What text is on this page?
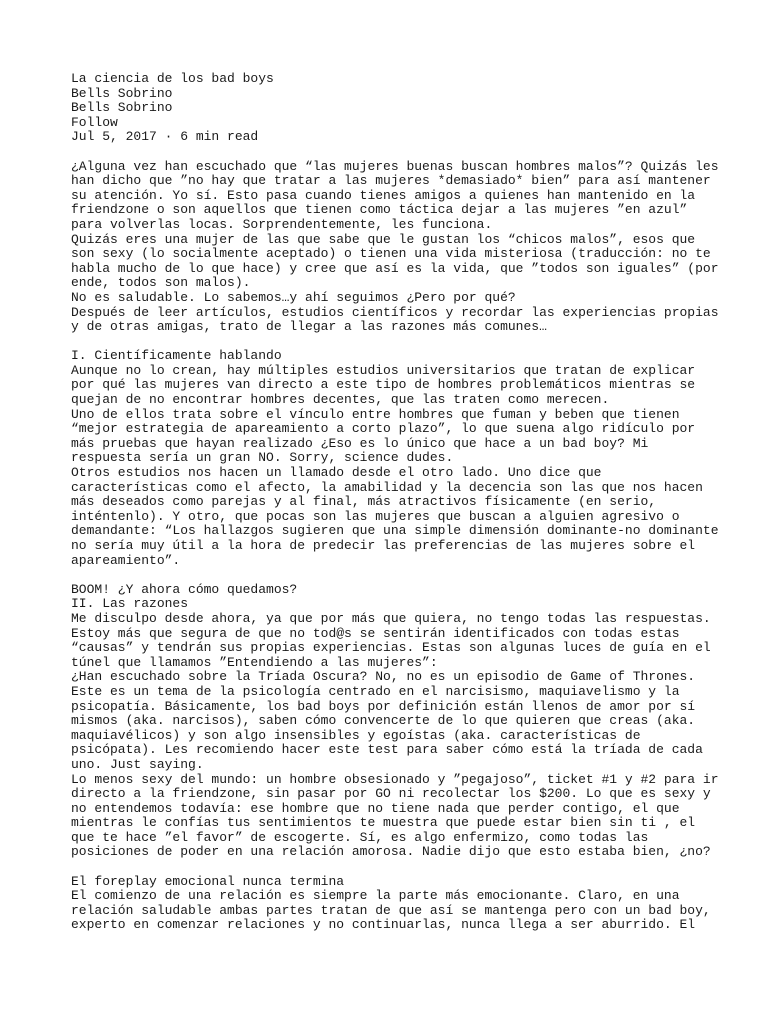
La ciencia de los bad boys
Bells Sobrino
Bells Sobrino
Follow
Jul 5, 2017 · 6 min read
¿Alguna vez han escuchado que “las mujeres buenas buscan hombres malos”? Quizás les
han dicho que ”no hay que tratar a las mujeres *demasiado* bien” para así mantener
su atención. Yo sí. Esto pasa cuando tienes amigos a quienes han mantenido en la
friendzone o son aquellos que tienen como táctica dejar a las mujeres ”en azul”
para volverlas locas. Sorprendentemente, les funciona.
Quizás eres una mujer de las que sabe que le gustan los “chicos malos”, esos que
son sexy (lo socialmente aceptado) o tienen una vida misteriosa (traducción: no te
habla mucho de lo que hace) y cree que así es la vida, que ”todos son iguales” (por
ende, todos son malos).
No es saludable. Lo sabemos…y ahí seguimos ¿Pero por qué?
Después de leer artículos, estudios científicos y recordar las experiencias propias
y de otras amigas, trato de llegar a las razones más comunes…
I. Científicamente hablando
Aunque no lo crean, hay múltiples estudios universitarios que tratan de explicar
por qué las mujeres van directo a este tipo de hombres problemáticos mientras se
quejan de no encontrar hombres decentes, que las traten como merecen.
Uno de ellos trata sobre el vínculo entre hombres que fuman y beben que tienen
“mejor estrategia de apareamiento a corto plazo”, lo que suena algo ridículo por
más pruebas que hayan realizado ¿Eso es lo único que hace a un bad boy? Mi
respuesta sería un gran NO. Sorry, science dudes.
Otros estudios nos hacen un llamado desde el otro lado. Uno dice que
características como el afecto, la amabilidad y la decencia son las que nos hacen
más deseados como parejas y al final, más atractivos físicamente (en serio,
inténtenlo). Y otro, que pocas son las mujeres que buscan a alguien agresivo o
demandante: “Los hallazgos sugieren que una simple dimensión dominante-no dominante
no sería muy útil a la hora de predecir las preferencias de las mujeres sobre el
apareamiento”.
BOOM! ¿Y ahora cómo quedamos?
II. Las razones
Me disculpo desde ahora, ya que por más que quiera, no tengo todas las respuestas.
Estoy más que segura de que no tod@s se sentirán identificados con todas estas
“causas” y tendrán sus propias experiencias. Estas son algunas luces de guía en el
túnel que llamamos ”Entendiendo a las mujeres”:
¿Han escuchado sobre la Tríada Oscura? No, no es un episodio de Game of Thrones.
Este es un tema de la psicología centrado en el narcisismo, maquiavelismo y la
psicopatía. Básicamente, los bad boys por definición están llenos de amor por sí
mismos (aka. narcisos), saben cómo convencerte de lo que quieren que creas (aka.
maquiavélicos) y son algo insensibles y egoístas (aka. características de
psicópata). Les recomiendo hacer este test para saber cómo está la tríada de cada
uno. Just saying.
Lo menos sexy del mundo: un hombre obsesionado y ”pegajoso”, ticket #1 y #2 para ir
directo a la friendzone, sin pasar por GO ni recolectar los $200. Lo que es sexy y
no entendemos todavía: ese hombre que no tiene nada que perder contigo, el que
mientras le confías tus sentimientos te muestra que puede estar bien sin ti , el
que te hace ”el favor” de escogerte. Sí, es algo enfermizo, como todas las
posiciones de poder en una relación amorosa. Nadie dijo que esto estaba bien, ¿no?
El foreplay emocional nunca termina
El comienzo de una relación es siempre la parte más emocionante. Claro, en una
relación saludable ambas partes tratan de que así se mantenga pero con un bad boy,
experto en comenzar relaciones y no continuarlas, nunca llega a ser aburrido. El
